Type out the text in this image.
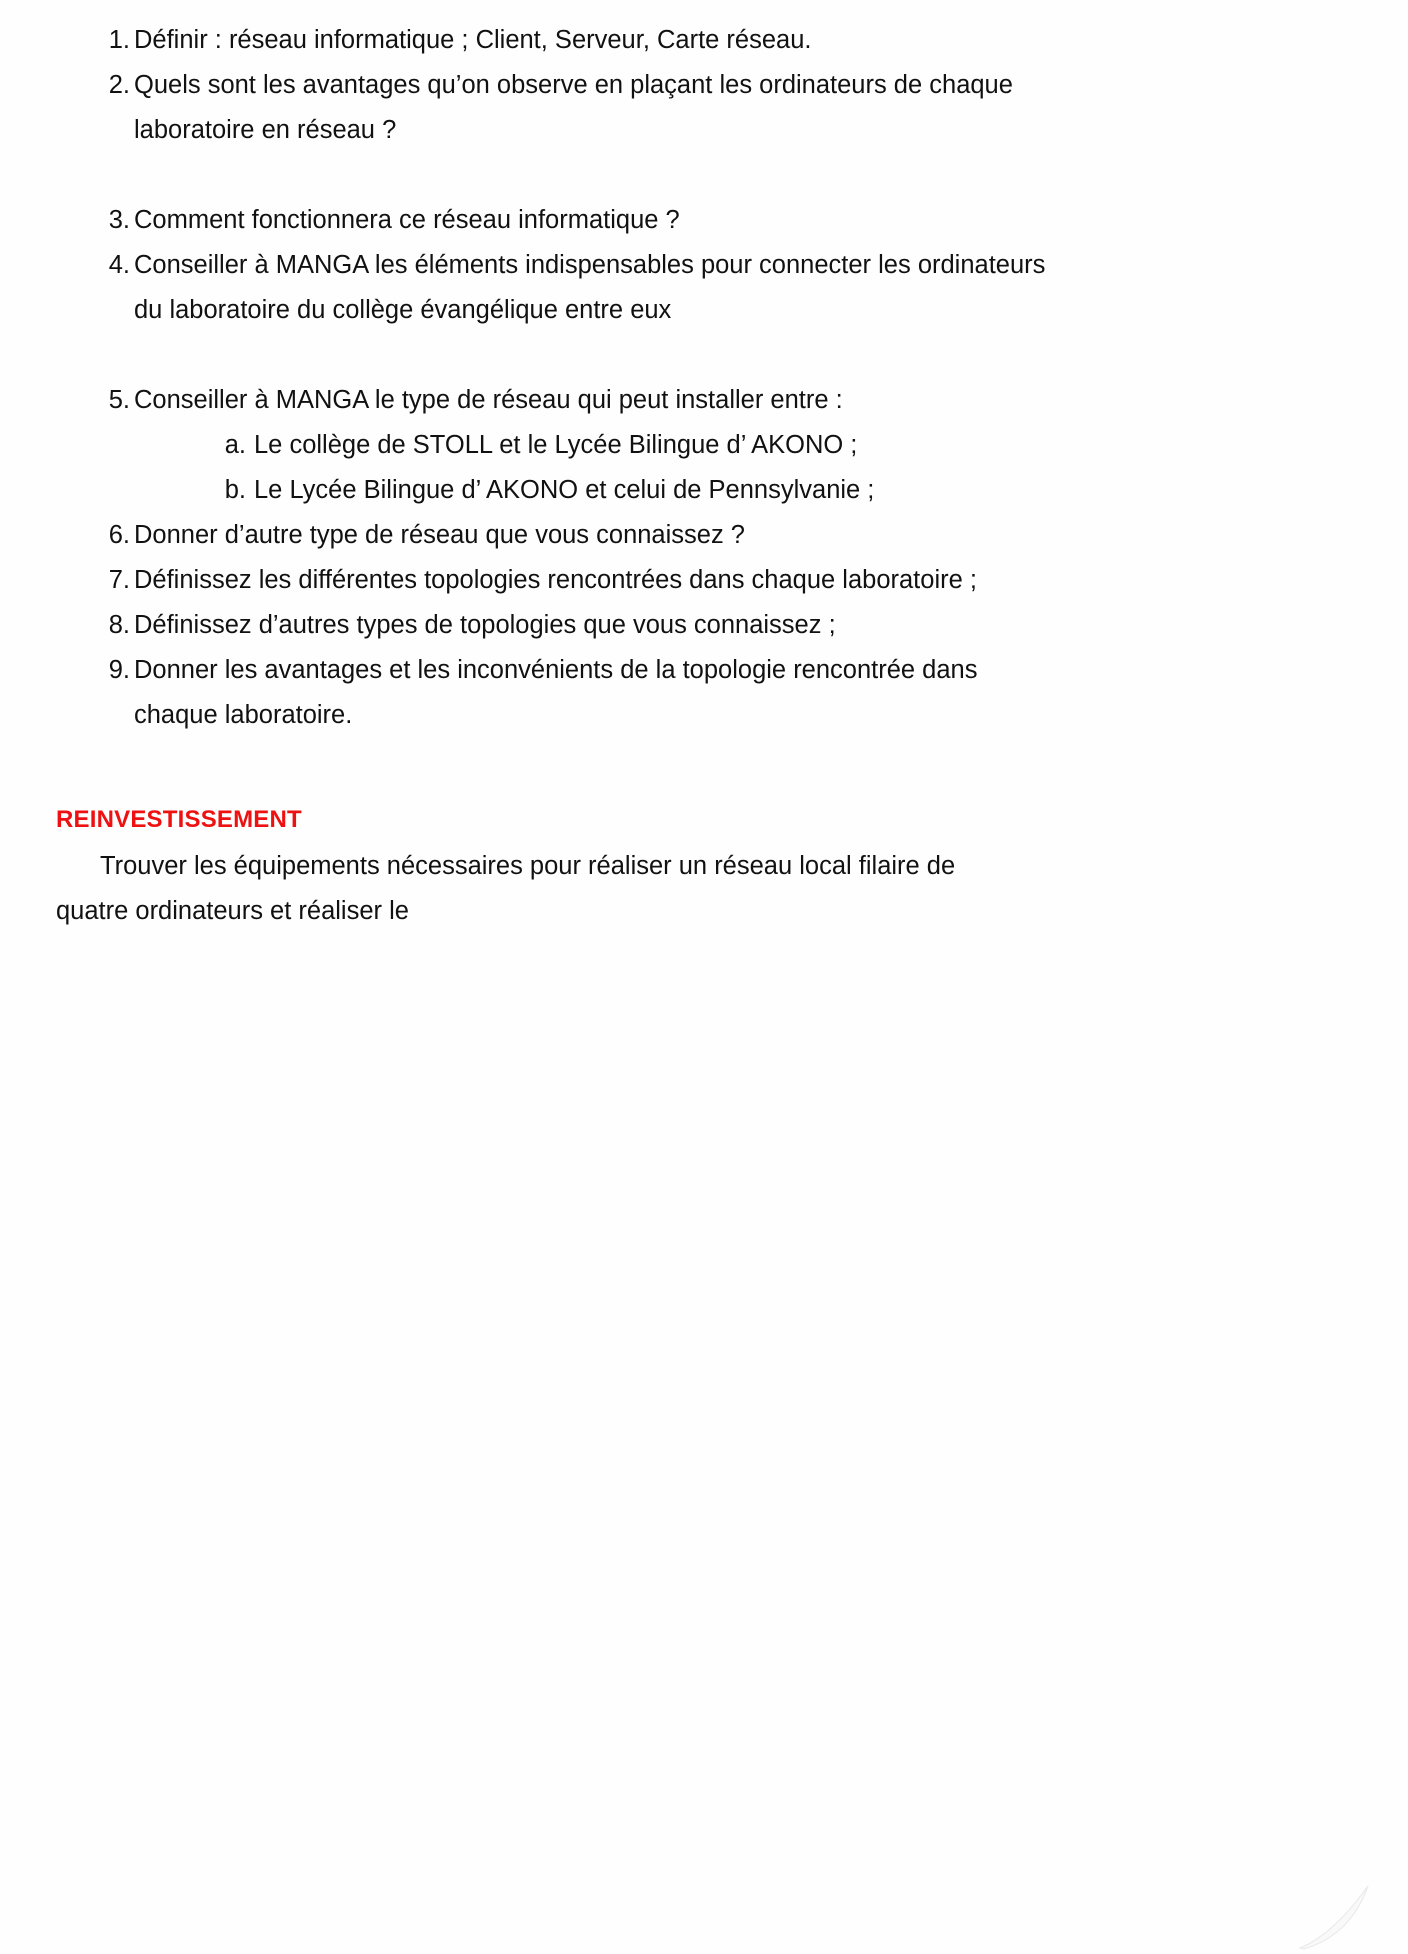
1. Définir : réseau informatique ; Client, Serveur, Carte réseau.
2. Quels sont les avantages qu’on observe en plaçant les ordinateurs de chaque laboratoire en réseau ?
3. Comment fonctionnera ce réseau informatique ?
4. Conseiller à MANGA les éléments indispensables pour connecter les ordinateurs du laboratoire du collège évangélique entre eux
5. Conseiller à MANGA le type de réseau qui peut installer entre :
a. Le collège de STOLL et le Lycée Bilingue d’ AKONO ;
b. Le Lycée Bilingue d’ AKONO et celui de Pennsylvanie ;
6. Donner d’autre type de réseau que vous connaissez ?
7. Définissez les différentes topologies rencontrées dans chaque laboratoire ;
8. Définissez d’autres types de topologies que vous connaissez ;
9. Donner les avantages et les inconvénients de la topologie rencontrée dans chaque laboratoire.
REINVESTISSEMENT
Trouver les équipements nécessaires pour réaliser un réseau local filaire de
quatre ordinateurs et réaliser le
